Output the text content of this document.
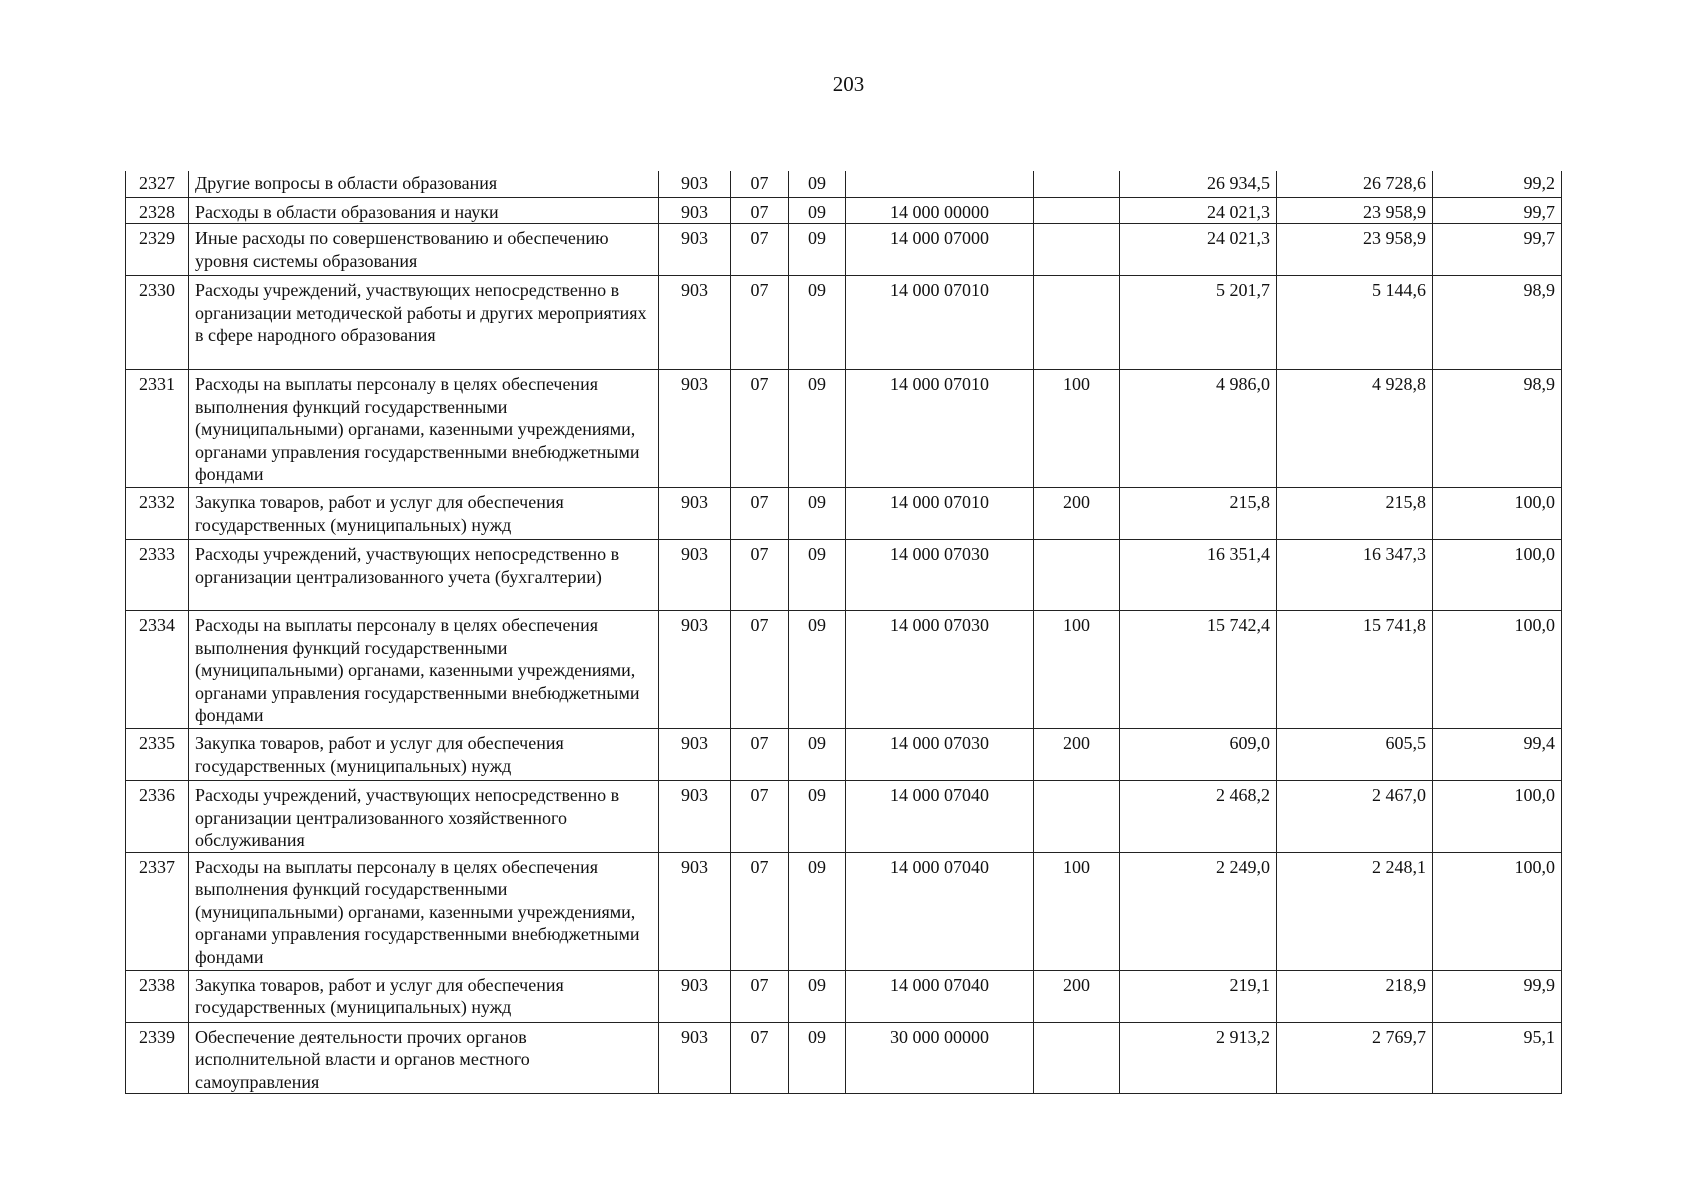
203
2327	Другие вопросы в области образования	903	07	09			26 934,5	26 728,6	99,2
2328	Расходы в области образования и науки	903	07	09	14 000 00000		24 021,3	23 958,9	99,7
2329	Иные расходы по совершенствованию и обеспечению уровня системы образования	903	07	09	14 000 07000		24 021,3	23 958,9	99,7
2330	Расходы учреждений, участвующих непосредственно в организации методической работы и других мероприятиях в сфере народного образования	903	07	09	14 000 07010		5 201,7	5 144,6	98,9
2331	Расходы на выплаты персоналу в целях обеспечения выполнения функций государственными (муниципальными) органами, казенными учреждениями, органами управления государственными внебюджетными фондами	903	07	09	14 000 07010	100	4 986,0	4 928,8	98,9
2332	Закупка товаров, работ и услуг для обеспечения государственных (муниципальных) нужд	903	07	09	14 000 07010	200	215,8	215,8	100,0
2333	Расходы учреждений, участвующих непосредственно в организации централизованного учета (бухгалтерии)	903	07	09	14 000 07030		16 351,4	16 347,3	100,0
2334	Расходы на выплаты персоналу в целях обеспечения выполнения функций государственными (муниципальными) органами, казенными учреждениями, органами управления государственными внебюджетными фондами	903	07	09	14 000 07030	100	15 742,4	15 741,8	100,0
2335	Закупка товаров, работ и услуг для обеспечения государственных (муниципальных) нужд	903	07	09	14 000 07030	200	609,0	605,5	99,4
2336	Расходы учреждений, участвующих непосредственно в организации централизованного хозяйственного обслуживания	903	07	09	14 000 07040		2 468,2	2 467,0	100,0
2337	Расходы на выплаты персоналу в целях обеспечения выполнения функций государственными (муниципальными) органами, казенными учреждениями, органами управления государственными внебюджетными фондами	903	07	09	14 000 07040	100	2 249,0	2 248,1	100,0
2338	Закупка товаров, работ и услуг для обеспечения государственных (муниципальных) нужд	903	07	09	14 000 07040	200	219,1	218,9	99,9
2339	Обеспечение деятельности прочих органов исполнительной власти и органов местного самоуправления	903	07	09	30 000 00000		2 913,2	2 769,7	95,1
